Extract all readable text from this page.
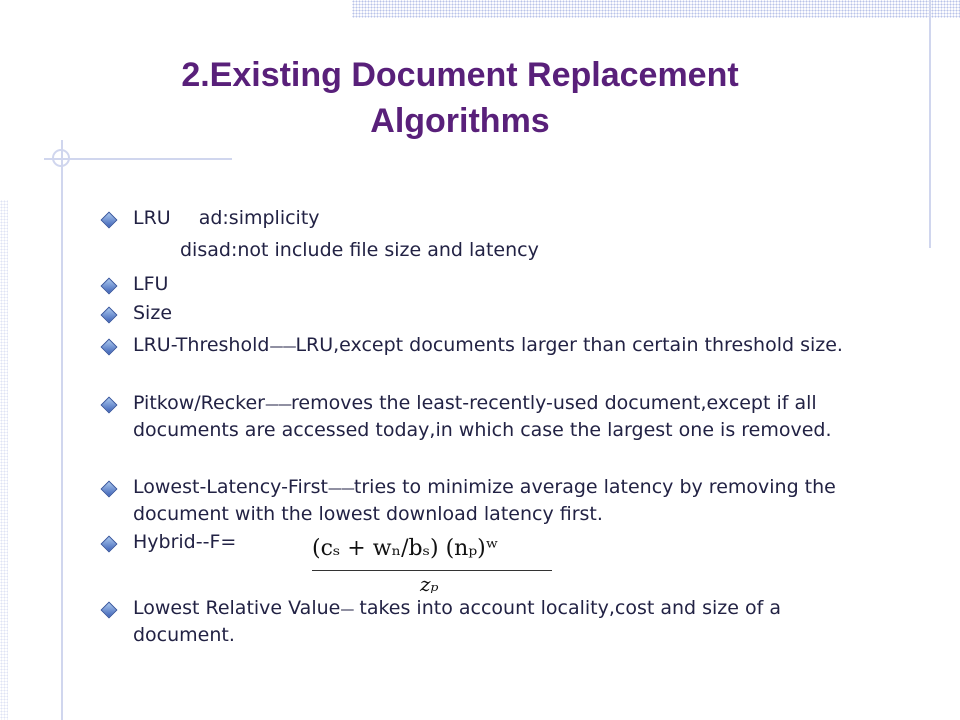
2.Existing Document Replacement
Algorithms
LRU ad:simplicity
disad:not include file size and latency
LFU
Size
LRU-Threshold——LRU,except documents larger than certain threshold size.
Pitkow/Recker——removes the least-recently-used document,except if all documents are accessed today,in which case the largest one is removed.
Lowest-Latency-First——tries to minimize average latency by removing the document with the lowest download latency first.
Hybrid--F=
Lowest Relative Value— takes into account locality,cost and size of a document.
(cₛ + wₙ/bₛ) (nₚ)ʷ
zₚ
